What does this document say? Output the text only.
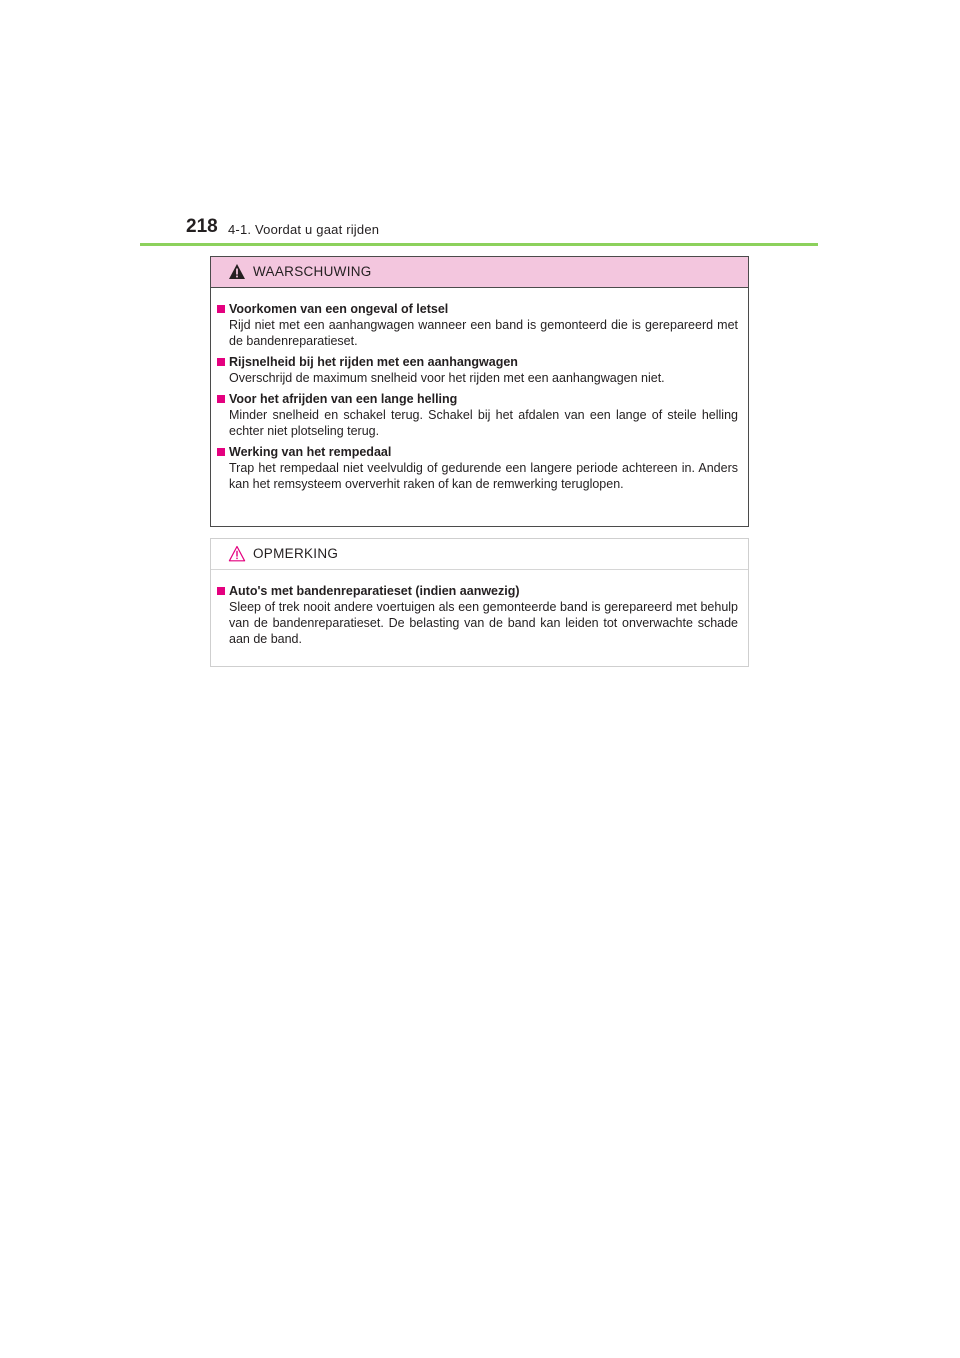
218 4-1. Voordat u gaat rijden
WAARSCHUWING
Voorkomen van een ongeval of letsel
Rijd niet met een aanhangwagen wanneer een band is gemonteerd die is gerepareerd met de bandenreparatieset.
Rijsnelheid bij het rijden met een aanhangwagen
Overschrijd de maximum snelheid voor het rijden met een aanhangwagen niet.
Voor het afrijden van een lange helling
Minder snelheid en schakel terug. Schakel bij het afdalen van een lange of steile helling echter niet plotseling terug.
Werking van het rempedaal
Trap het rempedaal niet veelvuldig of gedurende een langere periode achtereen in. Anders kan het remsysteem oververhit raken of kan de remwerking teruglopen.
OPMERKING
Auto's met bandenreparatieset (indien aanwezig)
Sleep of trek nooit andere voertuigen als een gemonteerde band is gerepareerd met behulp van de bandenreparatieset. De belasting van de band kan leiden tot onverwachte schade aan de band.
